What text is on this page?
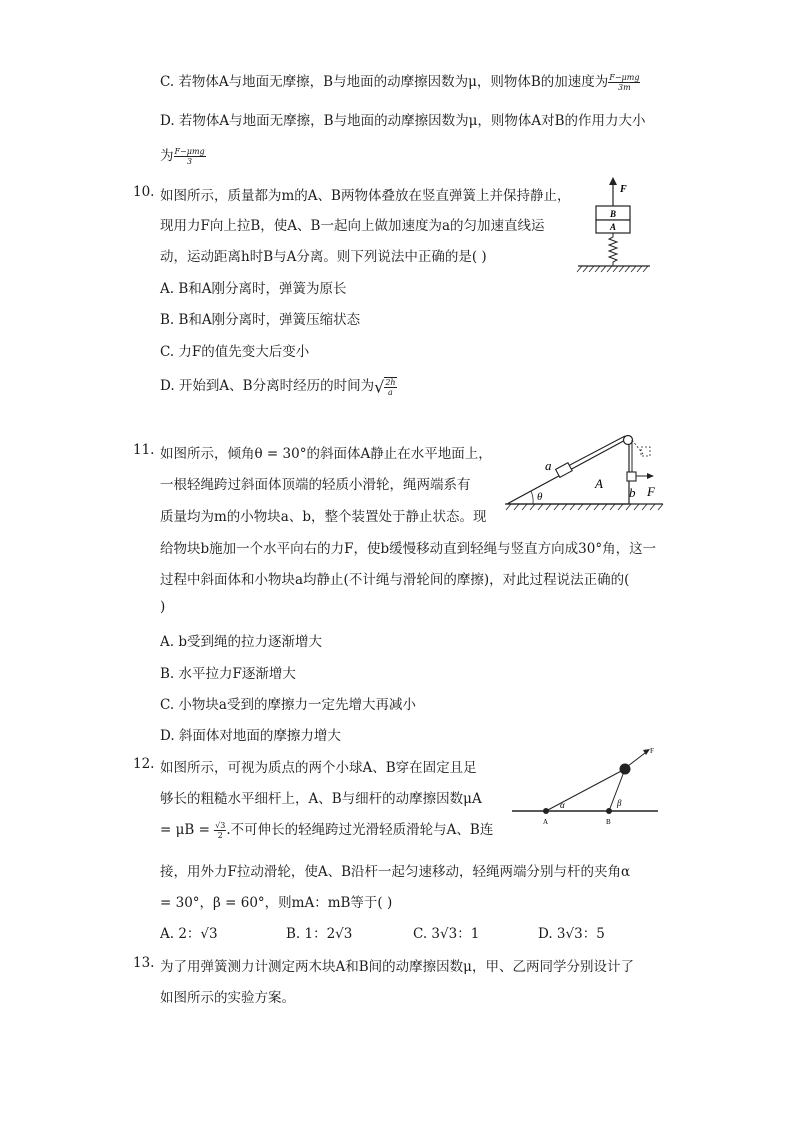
C. 若物体A与地面无摩擦，B与地面的动摩擦因数为μ，则物体B的加速度为 $\frac{\text{F−μmg}}{3m}$
D. 若物体A与地面无摩擦，B与地面的动摩擦因数为μ，则物体A对B的作用力大小
为 $\frac{\text{F−μmg}}{3}$
10. 如图所示，质量都为m的A、B两物体叠放在竖直弹簧上并保持静止，
现用力F向上拉B，使A、B一起向上做加速度为a的匀加速直线运
动，运动距离h时B与A分离。则下列说法中正确的是( )
A. B和A刚分离时，弹簧为原长
B. B和A刚分离时，弹簧压缩状态
C. 力F的值先变大后变小
D. 开始到A、B分离时经历的时间为√ $\frac{2h}{a}$
F
B
A
11. 如图所示，倾角θ = 30°的斜面体A静止在水平地面上，
一根轻绳跨过斜面体顶端的轻质小滑轮，绳两端系有
质量均为m的小物块a、b，整个装置处于静止状态。现
给物块b施加一个水平向右的力F，使b缓慢移动直到轻绳与竖直方向成30°角，这一
过程中斜面体和小物块a均静止(不计绳与滑轮间的摩擦)，对此过程说法正确的(
)
A. b受到绳的拉力逐渐增大
B. 水平拉力F逐渐增大
C. 小物块a受到的摩擦力一定先增大再减小
D. 斜面体对地面的摩擦力增大
a
θ
A
b F
12. 如图所示，可视为质点的两个小球A、B穿在固定且足
够长的粗糙水平细杆上，A、B与细杆的动摩擦因数μA
= $\mu B = \frac{√3}{2}$ .不可伸长的轻绳跨过光滑轻质滑轮与A、B连
接，用外力F拉动滑轮，使A、B沿杆一起匀速移动，轻绳两端分别与杆的夹角α
= 30°，β = 60°，则mA：mB等于( )
A. 2：√3	B. 1：2√3	C. 3√3：1	D. 3√3：5
F
α	β
A	B
13. 为了用弹簧测力计测定两木块A和B间的动摩擦因数μ，甲、乙两同学分别设计了
如图所示的实验方案。
